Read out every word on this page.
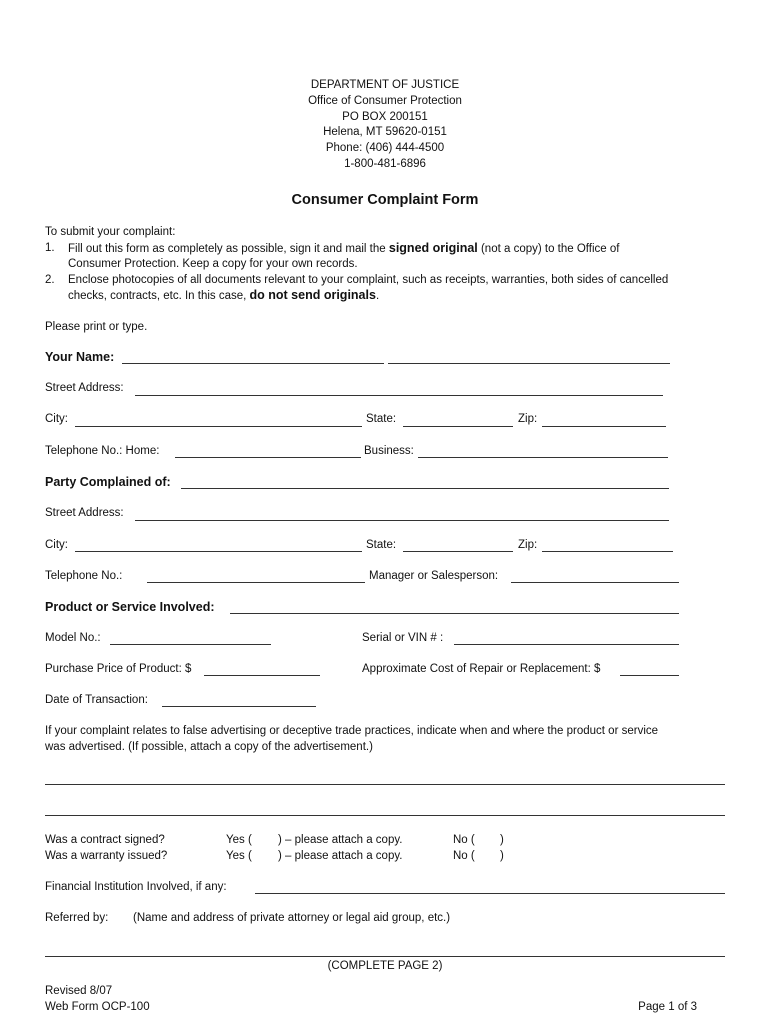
DEPARTMENT OF JUSTICE
Office of Consumer Protection
PO BOX 200151
Helena, MT 59620-0151
Phone: (406) 444-4500
1-800-481-6896
Consumer Complaint Form
To submit your complaint:
1. Fill out this form as completely as possible, sign it and mail the signed original (not a copy) to the Office of
Consumer Protection. Keep a copy for your own records.
2. Enclose photocopies of all documents relevant to your complaint, such as receipts, warranties, both sides of cancelled
checks, contracts, etc. In this case, do not send originals.
Please print or type.
Your Name:
Street Address:
City:	State:	Zip:
Telephone No.: Home:	Business:
Party Complained of:
Street Address:
City:	State:	Zip:
Telephone No.:	Manager or Salesperson:
Product or Service Involved:
Model No.:	Serial or VIN # :
Purchase Price of Product: $	Approximate Cost of Repair or Replacement: $
Date of Transaction:
If your complaint relates to false advertising or deceptive trade practices, indicate when and where the product or service
was advertised. (If possible, attach a copy of the advertisement.)
Was a contract signed?	Yes ( ) – please attach a copy.	No ( )
Was a warranty issued?	Yes ( ) – please attach a copy.	No ( )
Financial Institution Involved, if any:
Referred by: (Name and address of private attorney or legal aid group, etc.)
(COMPLETE PAGE 2)
Revised 8/07
Web Form OCP-100	Page 1 of 3
